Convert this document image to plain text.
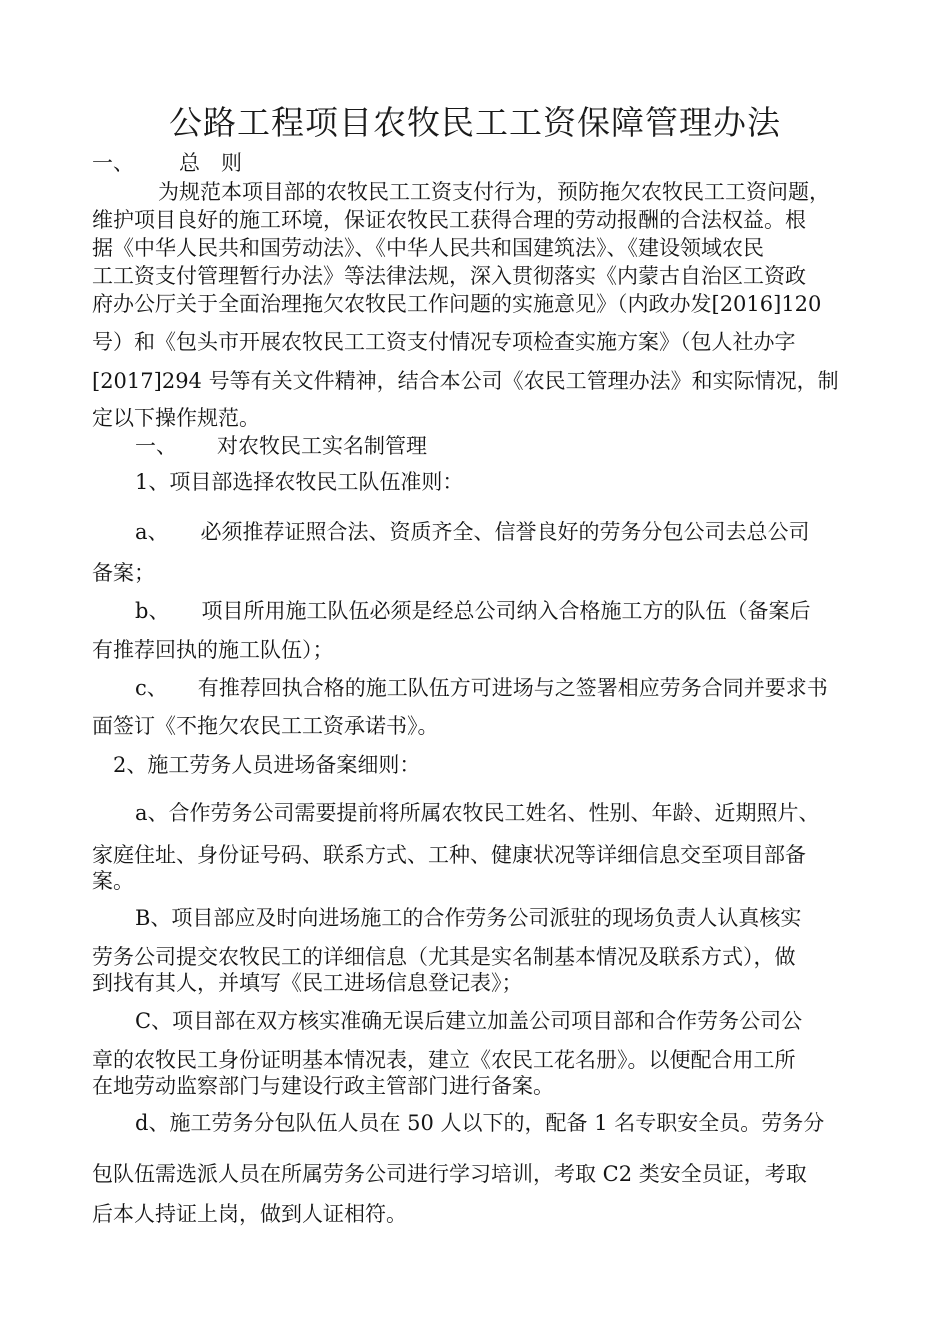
公路工程项目农牧民工工资保障管理办法
一、 总　则
为规范本项目部的农牧民工工资支付行为，预防拖欠农牧民工工资问题，
维护项目良好的施工环境，保证农牧民工获得合理的劳动报酬的合法权益。根
据《中华人民共和国劳动法》、《中华人民共和国建筑法》、《建设领域农民
工工资支付管理暂行办法》等法律法规，深入贯彻落实《内蒙古自治区工资政
府办公厅关于全面治理拖欠农牧民工作问题的实施意见》（内政办发[2016]120
号）和《包头市开展农牧民工工资支付情况专项检查实施方案》（包人社办字
[2017]294 号等有关文件精神，结合本公司《农民工管理办法》和实际情况，制
定以下操作规范。
一、 对农牧民工实名制管理
1、项目部选择农牧民工队伍准则：
a、 必须推荐证照合法、资质齐全、信誉良好的劳务分包公司去总公司
备案；
b、 项目所用施工队伍必须是经总公司纳入合格施工方的队伍（备案后
有推荐回执的施工队伍）；
c、 有推荐回执合格的施工队伍方可进场与之签署相应劳务合同并要求书
面签订《不拖欠农民工工资承诺书》。
2、施工劳务人员进场备案细则：
a、合作劳务公司需要提前将所属农牧民工姓名、性别、年龄、近期照片、
家庭住址、身份证号码、联系方式、工种、健康状况等详细信息交至项目部备
案。
B、项目部应及时向进场施工的合作劳务公司派驻的现场负责人认真核实
劳务公司提交农牧民工的详细信息（尤其是实名制基本情况及联系方式），做
到找有其人，并填写《民工进场信息登记表》；
C、项目部在双方核实准确无误后建立加盖公司项目部和合作劳务公司公
章的农牧民工身份证明基本情况表，建立《农民工花名册》。以便配合用工所
在地劳动监察部门与建设行政主管部门进行备案。
d、施工劳务分包队伍人员在 50 人以下的，配备 1 名专职安全员。劳务分
包队伍需选派人员在所属劳务公司进行学习培训，考取 C2 类安全员证，考取
后本人持证上岗，做到人证相符。
